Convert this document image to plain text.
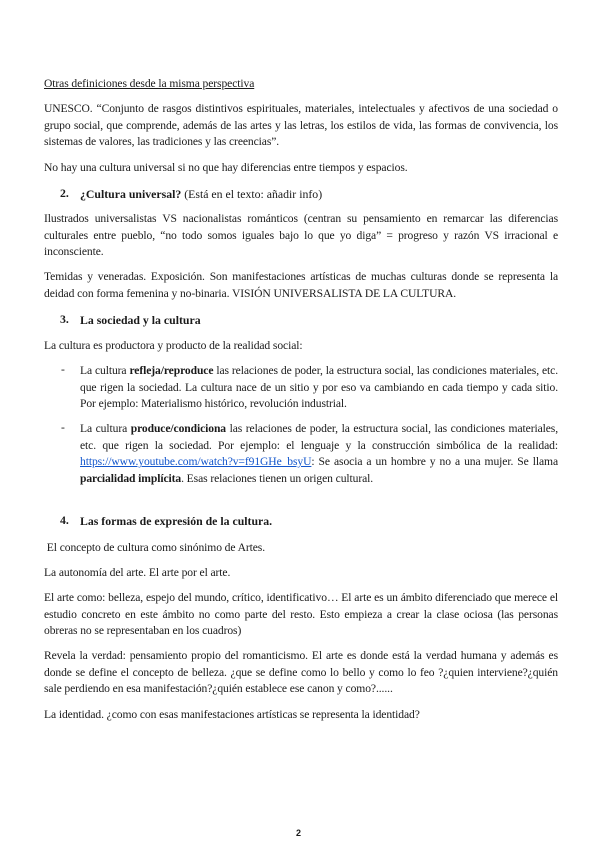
Otras definiciones desde la misma perspectiva

UNESCO. “Conjunto de rasgos distintivos espirituales, materiales, intelectuales y afectivos de una sociedad o grupo social, que comprende, además de las artes y las letras, los estilos de vida, las formas de convivencia, los sistemas de valores, las tradiciones y las creencias”.

No hay una cultura universal si no que hay diferencias entre tiempos y espacios.

2. ¿Cultura universal? (Está en el texto: añadir info)

Ilustrados universalistas VS nacionalistas románticos (centran su pensamiento en remarcar las diferencias culturales entre pueblo, “no todo somos iguales bajo lo que yo diga” = progreso y razón VS irracional e inconsciente.

Temidas y veneradas. Exposición. Son manifestaciones artísticas de muchas culturas donde se representa la deidad con forma femenina y no-binaria. VISIÓN UNIVERSALISTA DE LA CULTURA.

3. La sociedad y la cultura

La cultura es productora y producto de la realidad social:

- La cultura refleja/reproduce las relaciones de poder, la estructura social, las condiciones materiales, etc. que rigen la sociedad. La cultura nace de un sitio y por eso va cambiando en cada tiempo y cada sitio. Por ejemplo: Materialismo histórico, revolución industrial.
- La cultura produce/condiciona las relaciones de poder, la estructura social, las condiciones materiales, etc. que rigen la sociedad. Por ejemplo: el lenguaje y la construcción simbólica de la realidad: https://www.youtube.com/watch?v=f91GHe_bsyU: Se asocia a un hombre y no a una mujer. Se llama parcialidad implícita. Esas relaciones tienen un origen cultural.
4. Las formas de expresión de la cultura.

El concepto de cultura como sinónimo de Artes.

La autonomía del arte. El arte por el arte.

El arte como: belleza, espejo del mundo, crítico, identificativo… El arte es un ámbito diferenciado que merece el estudio concreto en este ámbito no como parte del resto. Esto empieza a crear la clase ociosa (las personas obreras no se representaban en los cuadros)

Revela la verdad: pensamiento propio del romanticismo. El arte es donde está la verdad humana y además es donde se define el concepto de belleza. ¿que se define como lo bello y como lo feo ?¿quien interviene?¿quién sale perdiendo en esa manifestación?¿quién establece ese canon y como?......

La identidad. ¿como con esas manifestaciones artísticas se representa la identidad?

2
